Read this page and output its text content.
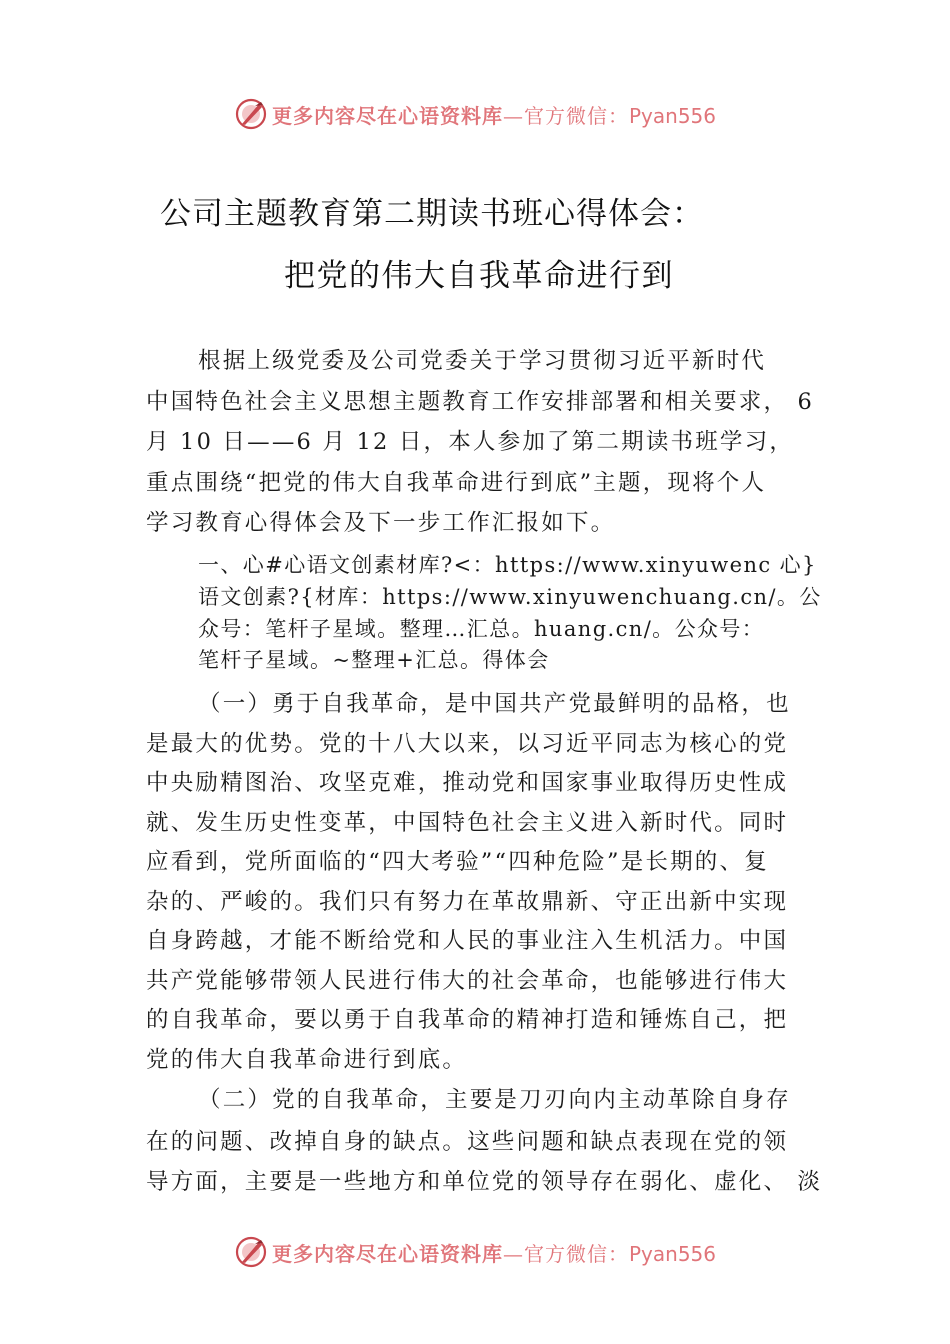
更多内容尽在心语资料库—官方微信：Pyan556
公司主题教育第二期读书班心得体会：
把党的伟大自我革命进行到
根据上级党委及公司党委关于学习贯彻习近平新时代
中国特色社会主义思想主题教育工作安排部署和相关要求， 6
月 10 日——6 月 12 日，本人参加了第二期读书班学习，
重点围绕“把党的伟大自我革命进行到底”主题，现将个人
学习教育心得体会及下一步工作汇报如下。
一、心#心语文创素材库?<：https://www.xinyuwenc 心}
语文创素?{材库：https://www.xinyuwenchuang.cn/。公
众号：笔杆子星域。整理…汇总。huang.cn/。公众号：
笔杆子星域。~整理+汇总。得体会
（一）勇于自我革命，是中国共产党最鲜明的品格，也
是最大的优势。党的十八大以来，以习近平同志为核心的党
中央励精图治、攻坚克难，推动党和国家事业取得历史性成
就、发生历史性变革，中国特色社会主义进入新时代。同时
应看到，党所面临的“四大考验”“四种危险”是长期的、复
杂的、严峻的。我们只有努力在革故鼎新、守正出新中实现
自身跨越，才能不断给党和人民的事业注入生机活力。中国
共产党能够带领人民进行伟大的社会革命，也能够进行伟大
的自我革命，要以勇于自我革命的精神打造和锤炼自己，把
党的伟大自我革命进行到底。
（二）党的自我革命，主要是刀刃向内主动革除自身存
在的问题、改掉自身的缺点。这些问题和缺点表现在党的领
导方面，主要是一些地方和单位党的领导存在弱化、虚化、 淡
更多内容尽在心语资料库—官方微信：Pyan556
